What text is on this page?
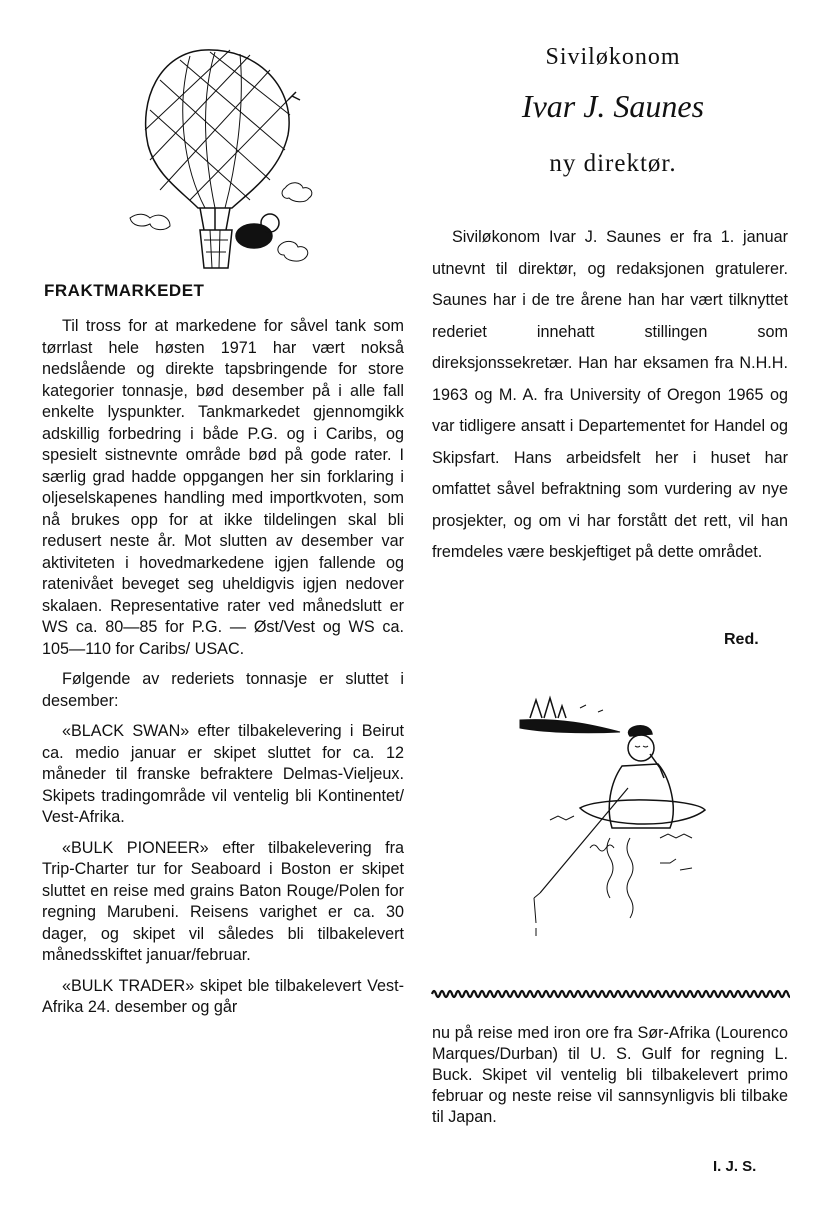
FRAKTMARKEDET

Til tross for at markedene for såvel tank som tørrlast hele høsten 1971 har vært nokså nedslående og direkte tapsbringende for store kategorier tonnasje, bød desember på i alle fall enkelte lyspunkter. Tankmarkedet gjennomgikk adskillig forbedring i både P.G. og i Caribs, og spesielt sistnevnte område bød på gode rater. I særlig grad hadde oppgangen her sin forklaring i oljeselskapenes handling med importkvoten, som nå brukes opp for at ikke tildelingen skal bli redusert neste år. Mot slutten av desember var aktiviteten i hovedmarkedene igjen fallende og ratenivået beveget seg uheldigvis igjen nedover skalaen. Representative rater ved månedslutt er WS ca. 80—85 for P.G. — Øst/Vest og WS ca. 105—110 for Caribs/ USAC.

Følgende av rederiets tonnasje er sluttet i desember:

«BLACK SWAN» efter tilbakelevering i Beirut ca. medio januar er skipet sluttet for ca. 12 måneder til franske befraktere Delmas-Vieljeux. Skipets tradingområde vil ventelig bli Kontinentet/ Vest-Afrika.

«BULK PIONEER» efter tilbakelevering fra Trip-Charter tur for Seaboard i Boston er skipet sluttet en reise med grains Baton Rouge/Polen for regning Marubeni. Reisens varighet er ca. 30 dager, og skipet vil således bli tilbakelevert månedsskiftet januar/februar.

«BULK TRADER» skipet ble tilbakelevert Vest-Afrika 24. desember og går

Siviløkonom
Ivar J. Saunes
ny direktør.

Siviløkonom Ivar J. Saunes er fra 1. januar utnevnt til direktør, og redaksjonen gratulerer. Saunes har i de tre årene han har vært tilknyttet rederiet innehatt stillingen som direksjonssekretær. Han har eksamen fra N.H.H. 1963 og M. A. fra University of Oregon 1965 og var tidligere ansatt i Departementet for Handel og Skipsfart. Hans arbeidsfelt her i huset har omfattet såvel befraktning som vurdering av nye prosjekter, og om vi har forstått det rett, vil han fremdeles være beskjeftiget på dette området.

Red.

nu på reise med iron ore fra Sør-Afrika (Lourenco Marques/Durban) til U. S. Gulf for regning L. Buck. Skipet vil ventelig bli tilbakelevert primo februar og neste reise vil sannsynligvis bli tilbake til Japan.

I. J. S.
